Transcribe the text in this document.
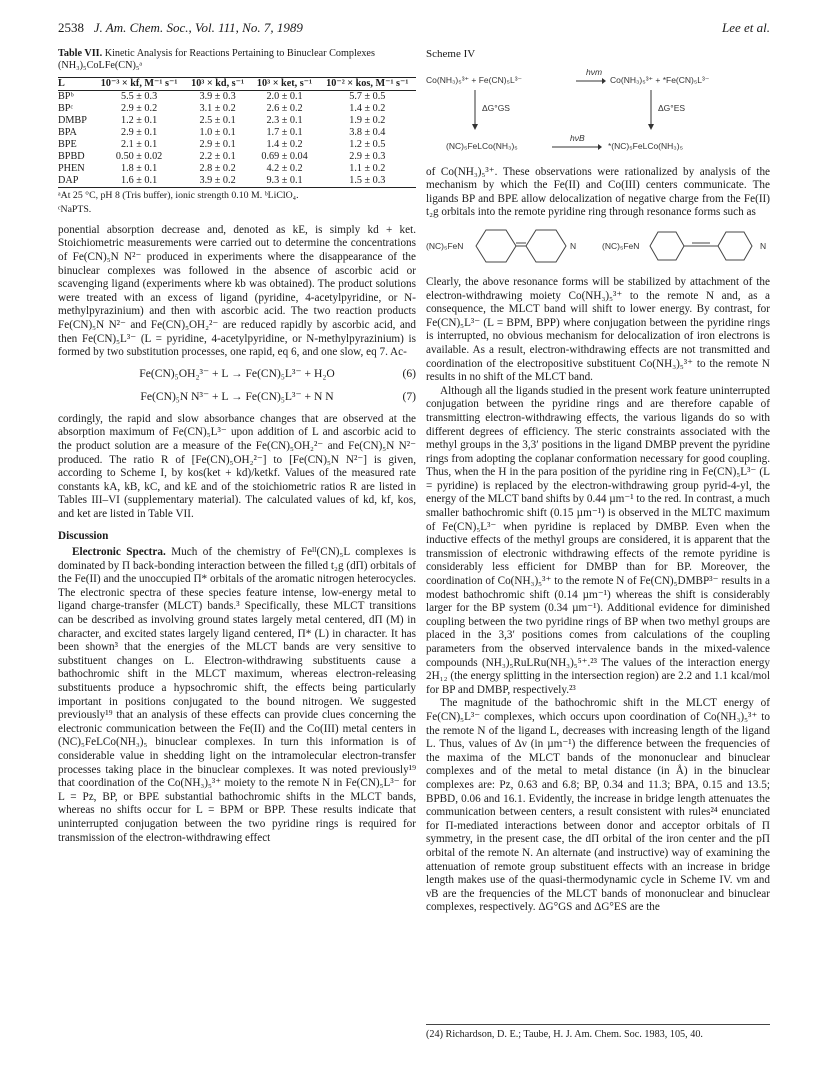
2538 J. Am. Chem. Soc., Vol. 111, No. 7, 1989	Lee et al.
Table VII. Kinetic Analysis for Reactions Pertaining to Binuclear Complexes (NH₃)₅CoLFe(CN)₅ᵃ
L	10⁻³ × kf, M⁻¹ s⁻¹	10³ × kd, s⁻¹	10³ × ket, s⁻¹	10⁻² × kos, M⁻¹ s⁻¹
BPᵇ	5.5 ± 0.3	3.9 ± 0.3	2.0 ± 0.1	5.7 ± 0.5
BPᶜ	2.9 ± 0.2	3.1 ± 0.2	2.6 ± 0.2	1.4 ± 0.2
DMBP	1.2 ± 0.1	2.5 ± 0.1	2.3 ± 0.1	1.9 ± 0.2
BPA	2.9 ± 0.1	1.0 ± 0.1	1.7 ± 0.1	3.8 ± 0.4
BPE	2.1 ± 0.1	2.9 ± 0.1	1.4 ± 0.2	1.2 ± 0.5
BPBD	0.50 ± 0.02	2.2 ± 0.1	0.69 ± 0.04	2.9 ± 0.3
PHEN	1.8 ± 0.1	2.8 ± 0.2	4.2 ± 0.2	1.1 ± 0.2
DAP	1.6 ± 0.1	3.9 ± 0.2	9.3 ± 0.1	1.5 ± 0.3
ᵃAt 25 °C, pH 8 (Tris buffer), ionic strength 0.10 M. ᵇLiClO₄.
ᶜNaPTS.

ponential absorption decrease and, denoted as kE, is simply kd + ket. Stoichiometric measurements were carried out to determine the concentrations of Fe(CN)₅N N²⁻ produced in experiments where the disappearance of the binuclear complexes was followed in the absence of ascorbic acid or scavenging ligand (experiments where kb was obtained). The product solutions were treated with an excess of ligand (pyridine, 4-acetylpyridine, or N-methylpyrazinium) and then with ascorbic acid. The two reaction products Fe(CN)₅N N²⁻ and Fe(CN)₅OH₂²⁻ are reduced rapidly by ascorbic acid, and then Fe(CN)₅L³⁻ (L = pyridine, 4-acetylpyridine, or N-methylpyrazinium) is formed by two substitution processes, one rapid, eq 6, and one slow, eq 7. Ac-

Fe(CN)₅OH₂³⁻ + L → Fe(CN)₅L³⁻ + H₂O	(6)
Fe(CN)₅N N³⁻ + L → Fe(CN)₅L³⁻ + N N	(7)

cordingly, the rapid and slow absorbance changes that are observed at the absorption maximum of Fe(CN)₅L³⁻ upon addition of L and ascorbic acid to the product solution are a measure of the Fe(CN)₅OH₂²⁻ and Fe(CN)₅N N²⁻ produced. The ratio R of [Fe(CN)₅OH₂²⁻] to [Fe(CN)₅N N²⁻] is given, according to Scheme I, by kos(ket + kd)/ketkf. Values of the measured rate constants kA, kB, kC, and kE and of the stoichiometric ratios R are listed in Tables III–VI (supplementary material). The calculated values of kd, kf, kos, and ket are listed in Table VII.

Discussion

Electronic Spectra. Much of the chemistry of Feᴵᴵ(CN)₅L complexes is dominated by Π back-bonding interaction between the filled t₂g (dΠ) orbitals of the Fe(II) and the unoccupied Π* orbitals of the aromatic nitrogen heterocycles. The electronic spectra of these species feature intense, low-energy metal to ligand charge-transfer (MLCT) bands.³ Specifically, these MLCT transitions can be described as involving ground states largely metal centered, dΠ (M) in character, and excited states largely ligand centered, Π* (L) in character. It has been shown³ that the energies of the MLCT bands are very sensitive to substituent changes on L. Electron-withdrawing substituents cause a bathochromic shift in the MLCT maximum, whereas electron-releasing substituents produce a hypsochromic shift, the effects being particularly important in positions conjugated to the bound nitrogen. We suggested previously¹⁹ that an analysis of these effects can provide clues concerning the electronic communication between the Fe(II) and the Co(III) metal centers in (NC)₅FeLCo(NH₃)₅ binuclear complexes. In turn this information is of considerable value in shedding light on the intramolecular electron-transfer processes taking place in the binuclear complexes. It was noted previously¹⁹ that coordination of the Co(NH₃)₅³⁺ moiety to the remote N in Fe(CN)₅L³⁻ for L = Pz, BP, or BPE substantial bathochromic shifts in the MLCT bands, whereas no shifts occur for L = BPM or BPP. These results indicate that uninterrupted conjugation between the two pyridine rings is required for transmission of the electron-withdrawing effect

Scheme IV
Co(NH₃)₅³⁺ + Fe(CN)₅L³⁻
hνm
Co(NH₃)₅³⁺ + *Fe(CN)₅L³⁻
ΔG°GS	ΔG°ES
(NC)₅FeLCo(NH₃)₅
hνB
*(NC)₅FeLCo(NH₃)₅

of Co(NH₃)₅³⁺. These observations were rationalized by analysis of the mechanism by which the Fe(II) and Co(III) centers communicate. The ligands BP and BPE allow delocalization of negative charge from the Fe(II) t₂g orbitals into the remote pyridine ring through resonance forms such as

(NC)₅FeN	N	(NC)₅FeN	N

Clearly, the above resonance forms will be stabilized by attachment of the electron-withdrawing moiety Co(NH₃)₅³⁺ to the remote N and, as a consequence, the MLCT band will shift to lower energy. By contrast, for Fe(CN)₅L³⁻ (L = BPM, BPP) where conjugation between the pyridine rings is interrupted, no obvious mechanism for delocalization of iron electrons is available. As a result, electron-withdrawing effects are not transmitted and coordination of the electropositive substituent Co(NH₃)₅³⁺ to the remote N results in no shift of the MLCT band.

Although all the ligands studied in the present work feature uninterrupted conjugation between the pyridine rings and are therefore capable of transmitting electron-withdrawing effects, the various ligands do so with different degrees of efficiency. The steric constraints associated with the methyl groups in the 3,3′ positions in the ligand DMBP prevent the pyridine rings from adopting the coplanar conformation necessary for good coupling. Thus, when the H in the para position of the pyridine ring in Fe(CN)₅L³⁻ (L = pyridine) is replaced by the electron-withdrawing group pyrid-4-yl, the energy of the MLCT band shifts by 0.44 µm⁻¹ to the red. In contrast, a much smaller bathochromic shift (0.15 µm⁻¹) is observed in the MLTC maximum of Fe(CN)₅L³⁻ when pyridine is replaced by DMBP. Even when the inductive effects of the methyl groups are considered, it is apparent that the transmission of electronic withdrawing effects of the remote pyridine is considerably less efficient for DMBP than for BP. Moreover, the coordination of Co(NH₃)₅³⁺ to the remote N of Fe(CN)₅DMBP³⁻ results in a modest bathochromic shift (0.14 µm⁻¹) whereas the shift is considerably larger for the BP system (0.34 µm⁻¹). Additional evidence for diminished coupling between the two pyridine rings of BP when two methyl groups are placed in the 3,3′ positions comes from calculations of the coupling parameters from the observed intervalence bands in the mixed-valence compounds (NH₃)₅RuLRu(NH₃)₅⁵⁺.²³ The values of the interaction energy 2H₁₂ (the energy splitting in the intersection region) are 2.2 and 1.1 kcal/mol for BP and DMBP, respectively.²³

The magnitude of the bathochromic shift in the MLCT energy of Fe(CN)₅L³⁻ complexes, which occurs upon coordination of Co(NH₃)₅³⁺ to the remote N of the ligand L, decreases with increasing length of the ligand L. Thus, values of Δν (in µm⁻¹) the difference between the frequencies of the maxima of the MLCT bands of the mononuclear and binuclear complexes and of the metal to metal distance (in Å) in the binuclear complexes are: Pz, 0.63 and 6.8; BP, 0.34 and 11.3; BPA, 0.15 and 13.5; BPBD, 0.06 and 16.1. Evidently, the increase in bridge length attenuates the communication between centers, a result consistent with rules²⁴ enunciated for Π-mediated interactions between donor and acceptor orbitals of Π symmetry, in the present case, the dΠ orbital of the iron center and the pΠ orbital of the remote N. An alternate (and instructive) way of examining the attenuation of remote group substituent effects with an increase in bridge length makes use of the quasi-thermodynamic cycle in Scheme IV. νm and νB are the frequencies of the MLCT bands of mononuclear and binuclear complexes, respectively. ΔG°GS and ΔG°ES are the

(24) Richardson, D. E.; Taube, H. J. Am. Chem. Soc. 1983, 105, 40.
